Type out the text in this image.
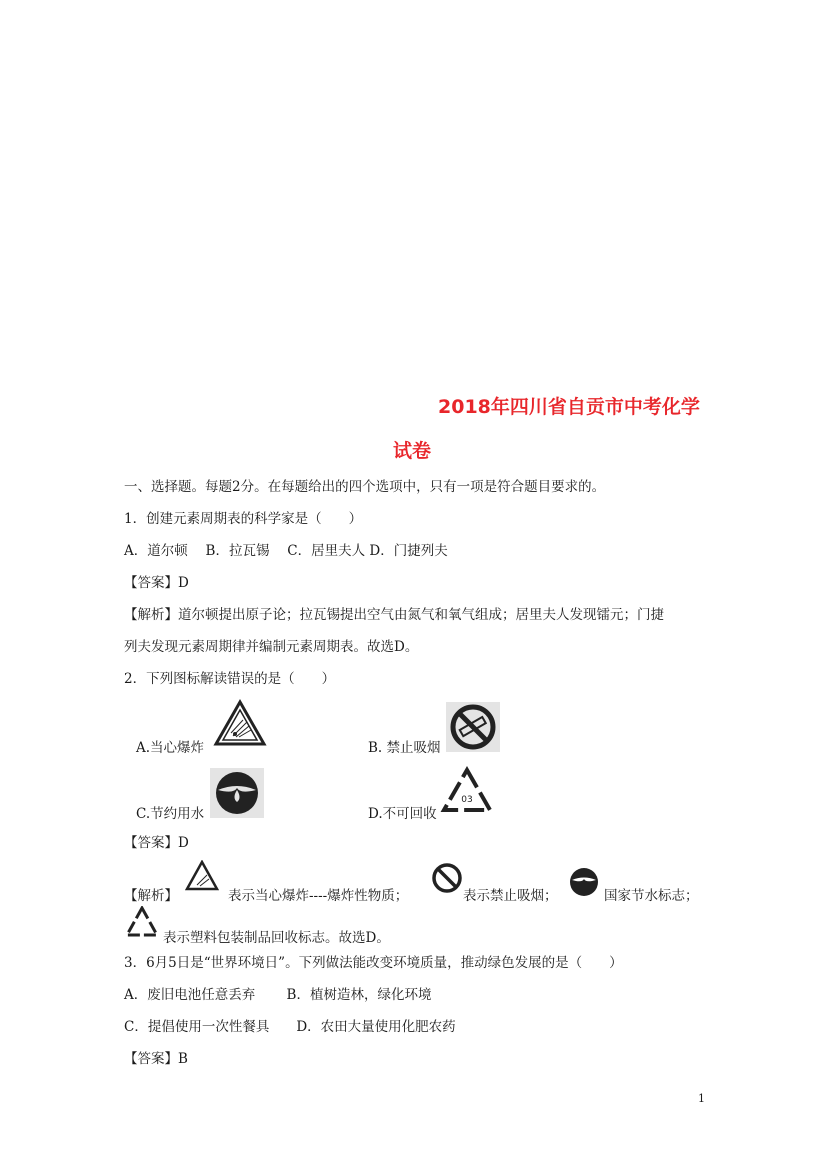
2018年四川省自贡市中考化学
试卷
一、选择题。每题2分。在每题给出的四个选项中，只有一项是符合题目要求的。
1．创建元素周期表的科学家是（　　）
A．道尔顿　 B．拉瓦锡　 C．居里夫人 D．门捷列夫
【答案】D
【解析】道尔顿提出原子论；拉瓦锡提出空气由氮气和氧气组成；居里夫人发现镭元；门捷
列夫发现元素周期律并编制元素周期表。故选D。
2．下列图标解读错误的是（　　）
A.当心爆炸	B. 禁止吸烟
C.节约用水	D.不可回收
03
【答案】D
【解析】	表示当心爆炸----爆炸性物质；	表示禁止吸烟；	国家节水标志；
表示塑料包装制品回收标志。故选D。
3．6月5日是“世界环境日”。下列做法能改变环境质量，推动绿色发展的是（　　）
A．废旧电池任意丢弃　　 B．植树造林，绿化环境
C．提倡使用一次性餐具　　D．农田大量使用化肥农药
【答案】B
1
